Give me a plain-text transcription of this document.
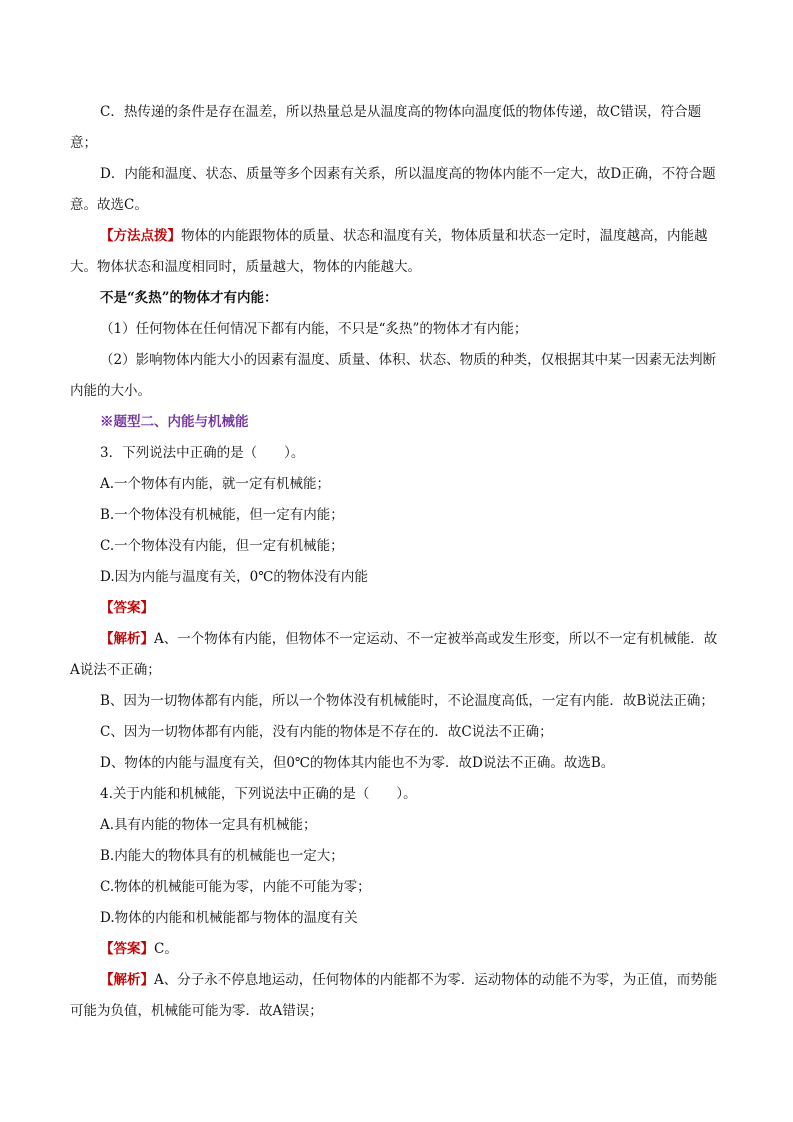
C．热传递的条件是存在温差，所以热量总是从温度高的物体向温度低的物体传递，故C错误，符合题意；

D．内能和温度、状态、质量等多个因素有关系，所以温度高的物体内能不一定大，故D正确，不符合题意。故选C。

【方法点拨】物体的内能跟物体的质量、状态和温度有关，物体质量和状态一定时，温度越高，内能越大。物体状态和温度相同时，质量越大，物体的内能越大。

不是“炙热”的物体才有内能：

（1）任何物体在任何情况下都有内能，不只是“炙热”的物体才有内能；

（2）影响物体内能大小的因素有温度、质量、体积、状态、物质的种类，仅根据其中某一因素无法判断内能的大小。

※题型二、内能与机械能

3．下列说法中正确的是（　　）。

A.一个物体有内能，就一定有机械能；

B.一个物体没有机械能，但一定有内能；

C.一个物体没有内能，但一定有机械能；

D.因为内能与温度有关，0℃的物体没有内能

【答案】

【解析】A、一个物体有内能，但物体不一定运动、不一定被举高或发生形变，所以不一定有机械能．故A说法不正确；

B、因为一切物体都有内能，所以一个物体没有机械能时，不论温度高低，一定有内能．故B说法正确；

C、因为一切物体都有内能，没有内能的物体是不存在的．故C说法不正确；

D、物体的内能与温度有关，但0℃的物体其内能也不为零．故D说法不正确。故选B。

4.关于内能和机械能，下列说法中正确的是（　　）。

A.具有内能的物体一定具有机械能；

B.内能大的物体具有的机械能也一定大；

C.物体的机械能可能为零，内能不可能为零；

D.物体的内能和机械能都与物体的温度有关

【答案】C。

【解析】A、分子永不停息地运动，任何物体的内能都不为零．运动物体的动能不为零，为正值，而势能可能为负值，机械能可能为零．故A错误；
